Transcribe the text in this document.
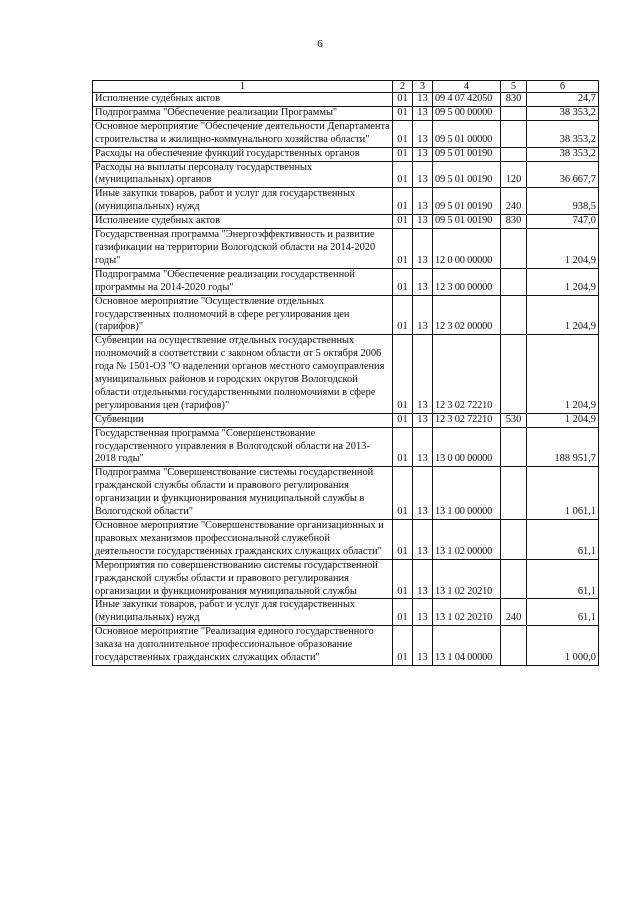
6
1	2	3	4	5	6
Исполнение судебных актов	01	13	09 4 07 42050	830	24,7
Подпрограмма "Обеспечение реализации Программы"	01	13	09 5 00 00000		38 353,2
Основное мероприятие "Обеспечение деятельности Департамента строительства и жилищно-коммунального хозяйства области"	01	13	09 5 01 00000		38 353,2
Расходы на обеспечение функций государственных органов	01	13	09 5 01 00190		38 353,2
Расходы на выплаты персоналу государственных (муниципальных) органов	01	13	09 5 01 00190	120	36 667,7
Иные закупки товаров, работ и услуг для государственных (муниципальных) нужд	01	13	09 5 01 00190	240	938,5
Исполнение судебных актов	01	13	09 5 01 00190	830	747,0
Государственная программа "Энергоэффективность и развитие газификации на территории Вологодской области на 2014-2020 годы"	01	13	12 0 00 00000		1 204,9
Подпрограмма "Обеспечение реализации государственной программы на 2014-2020 годы"	01	13	12 3 00 00000		1 204,9
Основное мероприятие "Осуществление отдельных государственных полномочий в сфере регулирования цен (тарифов)"	01	13	12 3 02 00000		1 204,9
Субвенции на осуществление отдельных государственных полномочий в соответствии с законом области от 5 октября 2006 года № 1501-ОЗ "О наделении органов местного самоуправления муниципальных районов и городских округов Вологодской области отдельными государственными полномочиями в сфере регулирования цен (тарифов)"	01	13	12 3 02 72210		1 204,9
Субвенции	01	13	12 3 02 72210	530	1 204,9
Государственная программа "Совершенствование государственного управления в Вологодской области на 2013-2018 годы"	01	13	13 0 00 00000		188 951,7
Подпрограмма "Совершенствование системы государственной гражданской службы области и правового регулирования организации и функционирования муниципальной службы в Вологодской области"	01	13	13 1 00 00000		1 061,1
Основное мероприятие "Совершенствование организационных и правовых механизмов профессиональной служебной деятельности государственных гражданских служащих области"	01	13	13 1 02 00000		61,1
Мероприятия по совершенствованию системы государственной гражданской службы области и правового регулирования организации и функционирования муниципальной службы	01	13	13 1 02 20210		61,1
Иные закупки товаров, работ и услуг для государственных (муниципальных) нужд	01	13	13 1 02 20210	240	61,1
Основное мероприятие "Реализация единого государственного заказа на дополнительное профессиональное образование государственных гражданских служащих области"	01	13	13 1 04 00000		1 000,0
